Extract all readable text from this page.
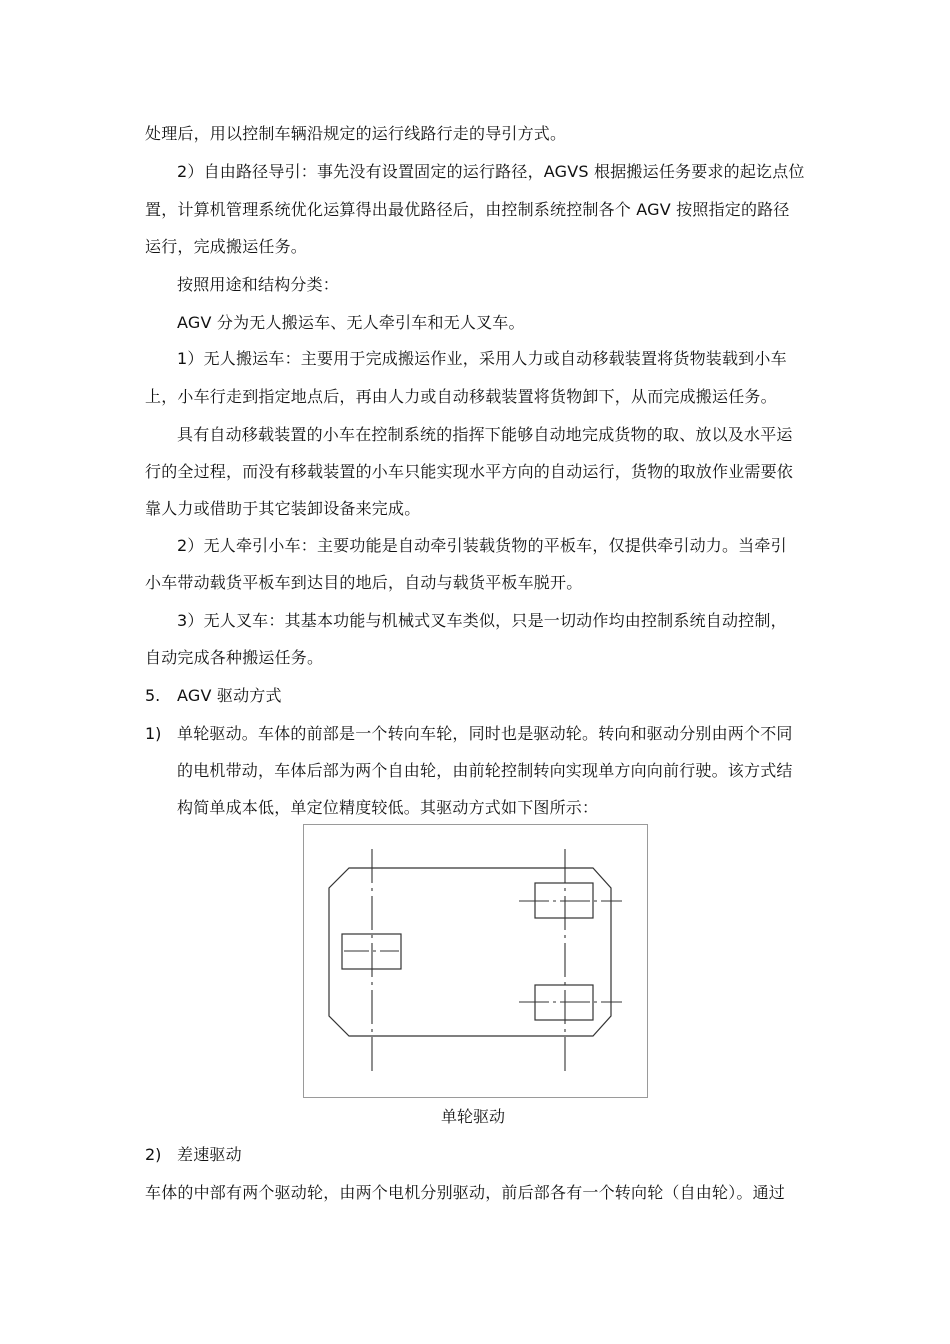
处理后，用以控制车辆沿规定的运行线路行走的导引方式。
2）自由路径导引：事先没有设置固定的运行路径，AGVS 根据搬运任务要求的起讫点位
置，计算机管理系统优化运算得出最优路径后，由控制系统控制各个 AGV 按照指定的路径
运行，完成搬运任务。
按照用途和结构分类：
AGV 分为无人搬运车、无人牵引车和无人叉车。
1）无人搬运车：主要用于完成搬运作业，采用人力或自动移载装置将货物装载到小车
上，小车行走到指定地点后，再由人力或自动移载装置将货物卸下，从而完成搬运任务。
具有自动移载装置的小车在控制系统的指挥下能够自动地完成货物的取、放以及水平运
行的全过程，而没有移载装置的小车只能实现水平方向的自动运行，货物的取放作业需要依
靠人力或借助于其它装卸设备来完成。
2）无人牵引小车：主要功能是自动牵引装载货物的平板车，仅提供牵引动力。当牵引
小车带动载货平板车到达目的地后，自动与载货平板车脱开。
3）无人叉车：其基本功能与机械式叉车类似，只是一切动作均由控制系统自动控制，
自动完成各种搬运任务。
5. AGV 驱动方式
1) 单轮驱动。车体的前部是一个转向车轮，同时也是驱动轮。转向和驱动分别由两个不同
的电机带动，车体后部为两个自由轮，由前轮控制转向实现单方向向前行驶。该方式结
构简单成本低，单定位精度较低。其驱动方式如下图所示：
单轮驱动
2) 差速驱动
车体的中部有两个驱动轮，由两个电机分别驱动，前后部各有一个转向轮（自由轮）。通过
